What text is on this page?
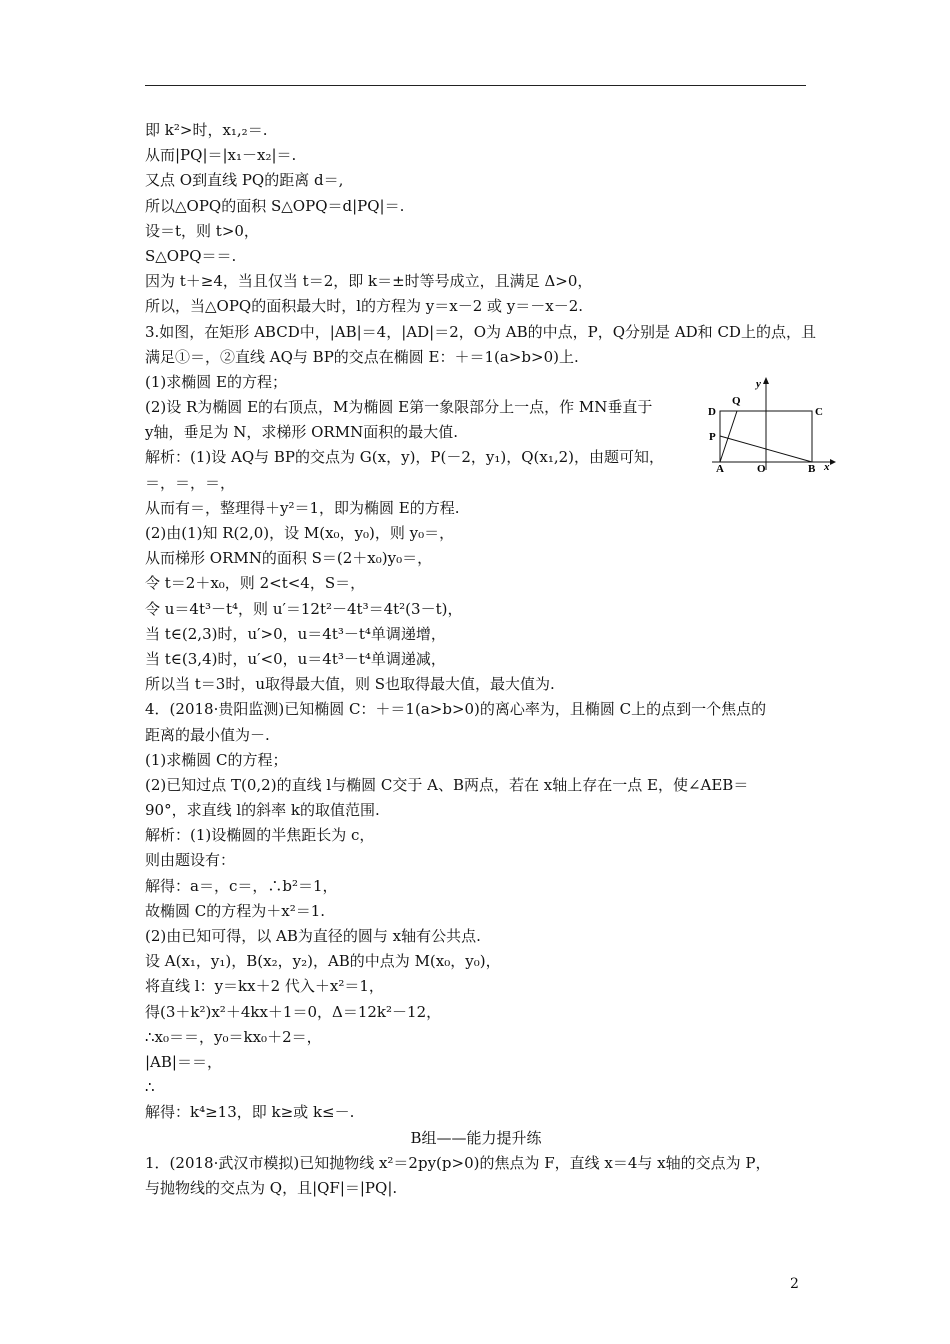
即 k²>时，x₁,₂＝.
从而|PQ|＝|x₁－x₂|＝.
又点 O到直线 PQ的距离 d＝,
所以△OPQ的面积 S△OPQ＝d|PQ|＝.
设＝t，则 t>0，
S△OPQ＝＝.
因为 t＋≥4，当且仅当 t＝2，即 k＝±时等号成立，且满足 Δ>0，
所以，当△OPQ的面积最大时，l的方程为 y＝x－2 或 y＝－x－2.
3.如图，在矩形 ABCD中，|AB|＝4，|AD|＝2，O为 AB的中点，P，Q分别是 AD和 CD上的点，且
满足①＝，②直线 AQ与 BP的交点在椭圆 E：＋＝1(a>b>0)上.
(1)求椭圆 E的方程；
(2)设 R为椭圆 E的右顶点，M为椭圆 E第一象限部分上一点，作 MN垂直于
y轴，垂足为 N，求梯形 ORMN面积的最大值.
解析：(1)设 AQ与 BP的交点为 G(x，y)，P(－2，y₁)，Q(x₁,2)，由题可知，
＝，＝，＝，
从而有＝，整理得＋y²＝1，即为椭圆 E的方程.
(2)由(1)知 R(2,0)，设 M(x₀，y₀)，则 y₀＝，
从而梯形 ORMN的面积 S＝(2＋x₀)y₀＝，
令 t＝2＋x₀，则 2<t<4，S＝，
令 u＝4t³－t⁴，则 u′＝12t²－4t³＝4t²(3－t)，
当 t∈(2,3)时，u′>0，u＝4t³－t⁴单调递增，
当 t∈(3,4)时，u′<0，u＝4t³－t⁴单调递减，
所以当 t＝3时，u取得最大值，则 S也取得最大值，最大值为.
4．(2018·贵阳监测)已知椭圆 C：＋＝1(a>b>0)的离心率为，且椭圆 C上的点到一个焦点的
距离的最小值为－.
(1)求椭圆 C的方程；
(2)已知过点 T(0,2)的直线 l与椭圆 C交于 A、B两点，若在 x轴上存在一点 E，使∠AEB＝
90°，求直线 l的斜率 k的取值范围.
解析：(1)设椭圆的半焦距长为 c，
则由题设有：
解得：a＝，c＝，∴b²＝1，
故椭圆 C的方程为＋x²＝1.
(2)由已知可得，以 AB为直径的圆与 x轴有公共点.
设 A(x₁，y₁)，B(x₂，y₂)，AB的中点为 M(x₀，y₀)，
将直线 l：y＝kx＋2 代入＋x²＝1，
得(3＋k²)x²＋4kx＋1＝0，Δ＝12k²－12，
∴x₀＝＝，y₀＝kx₀＋2＝，
|AB|＝＝，
∴
解得：k⁴≥13，即 k≥或 k≤－.
B组——能力提升练
1．(2018·武汉市模拟)已知抛物线 x²＝2py(p>0)的焦点为 F，直线 x＝4与 x轴的交点为 P，
与抛物线的交点为 Q，且|QF|＝|PQ|.
y
x
D
Q
C
P
A	O	B
2
